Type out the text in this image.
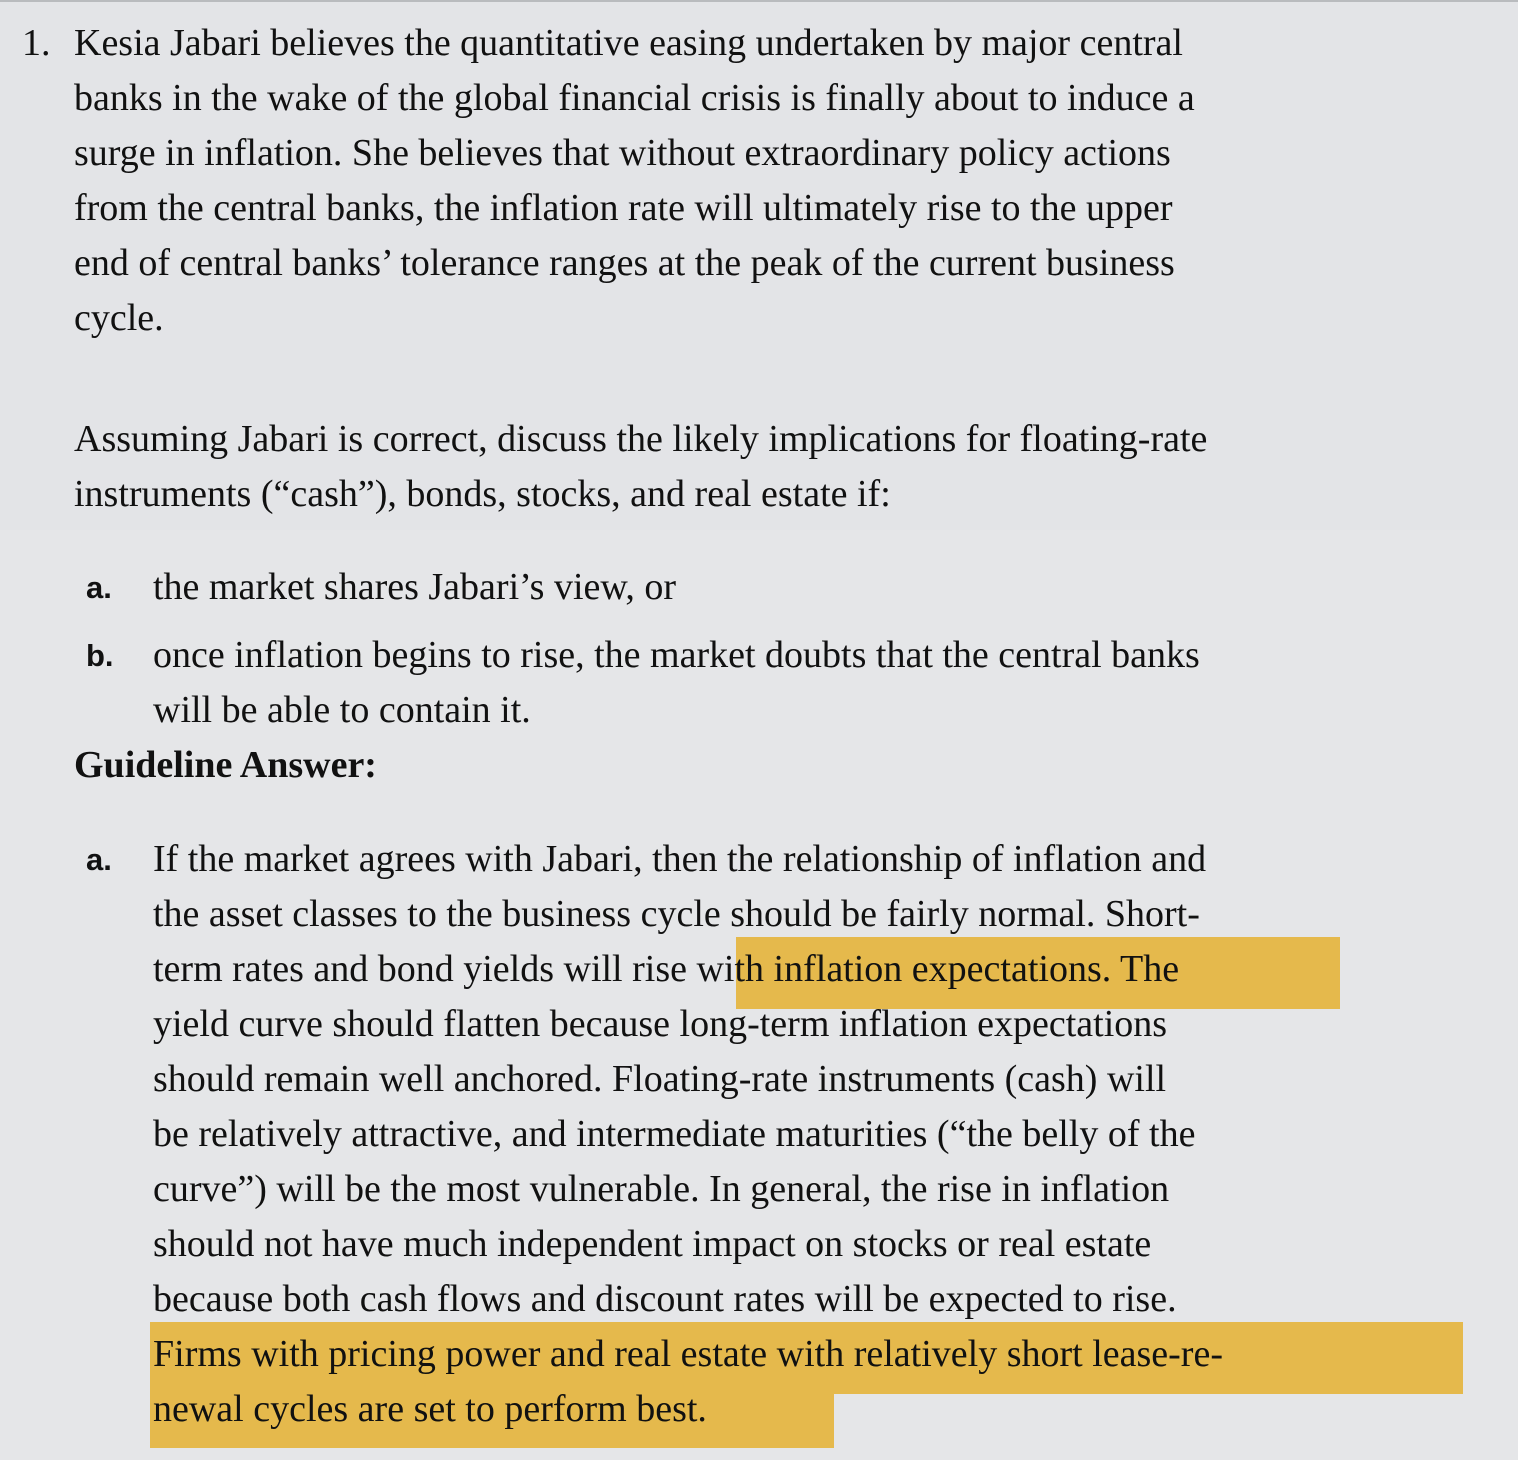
1. Kesia Jabari believes the quantitative easing undertaken by major central

banks in the wake of the global financial crisis is finally about to induce a

surge in inflation. She believes that without extraordinary policy actions

from the central banks, the inflation rate will ultimately rise to the upper

end of central banks’ tolerance ranges at the peak of the current business

cycle.

Assuming Jabari is correct, discuss the likely implications for floating-rate

instruments (“cash”), bonds, stocks, and real estate if:

a. the market shares Jabari’s view, or

b. once inflation begins to rise, the market doubts that the central banks

will be able to contain it.

Guideline Answer:

a. If the market agrees with Jabari, then the relationship of inflation and

the asset classes to the business cycle should be fairly normal. Short-

term rates and bond yields will rise with inflation expectations. The

yield curve should flatten because long-term inflation expectations

should remain well anchored. Floating-rate instruments (cash) will

be relatively attractive, and intermediate maturities (“the belly of the

curve”) will be the most vulnerable. In general, the rise in inflation

should not have much independent impact on stocks or real estate

because both cash flows and discount rates will be expected to rise.

Firms with pricing power and real estate with relatively short lease-re-

newal cycles are set to perform best.
